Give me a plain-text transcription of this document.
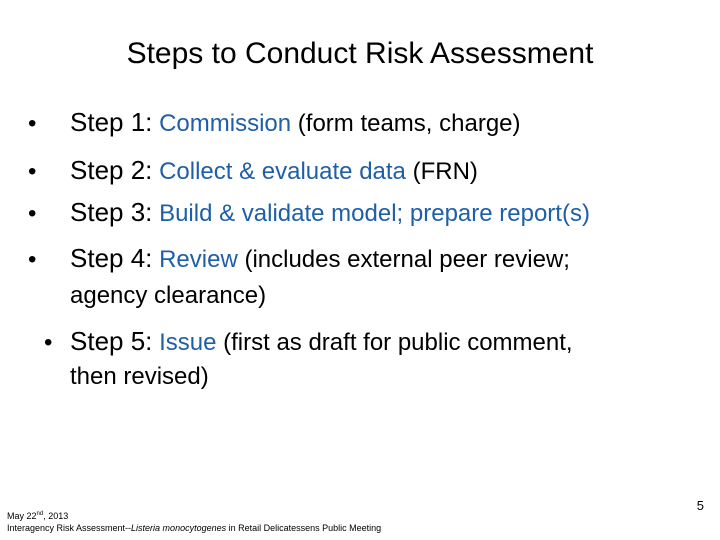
Steps to Conduct Risk Assessment
• Step 1: Commission (form teams, charge)
• Step 2: Collect & evaluate data (FRN)
• Step 3: Build & validate model; prepare report(s)
• Step 4: Review (includes external peer review;
agency clearance)
• Step 5: Issue (first as draft for public comment,
then revised)
May 22nd, 2013
Interagency Risk Assessment--Listeria monocytogenes in Retail Delicatessens Public Meeting
5
